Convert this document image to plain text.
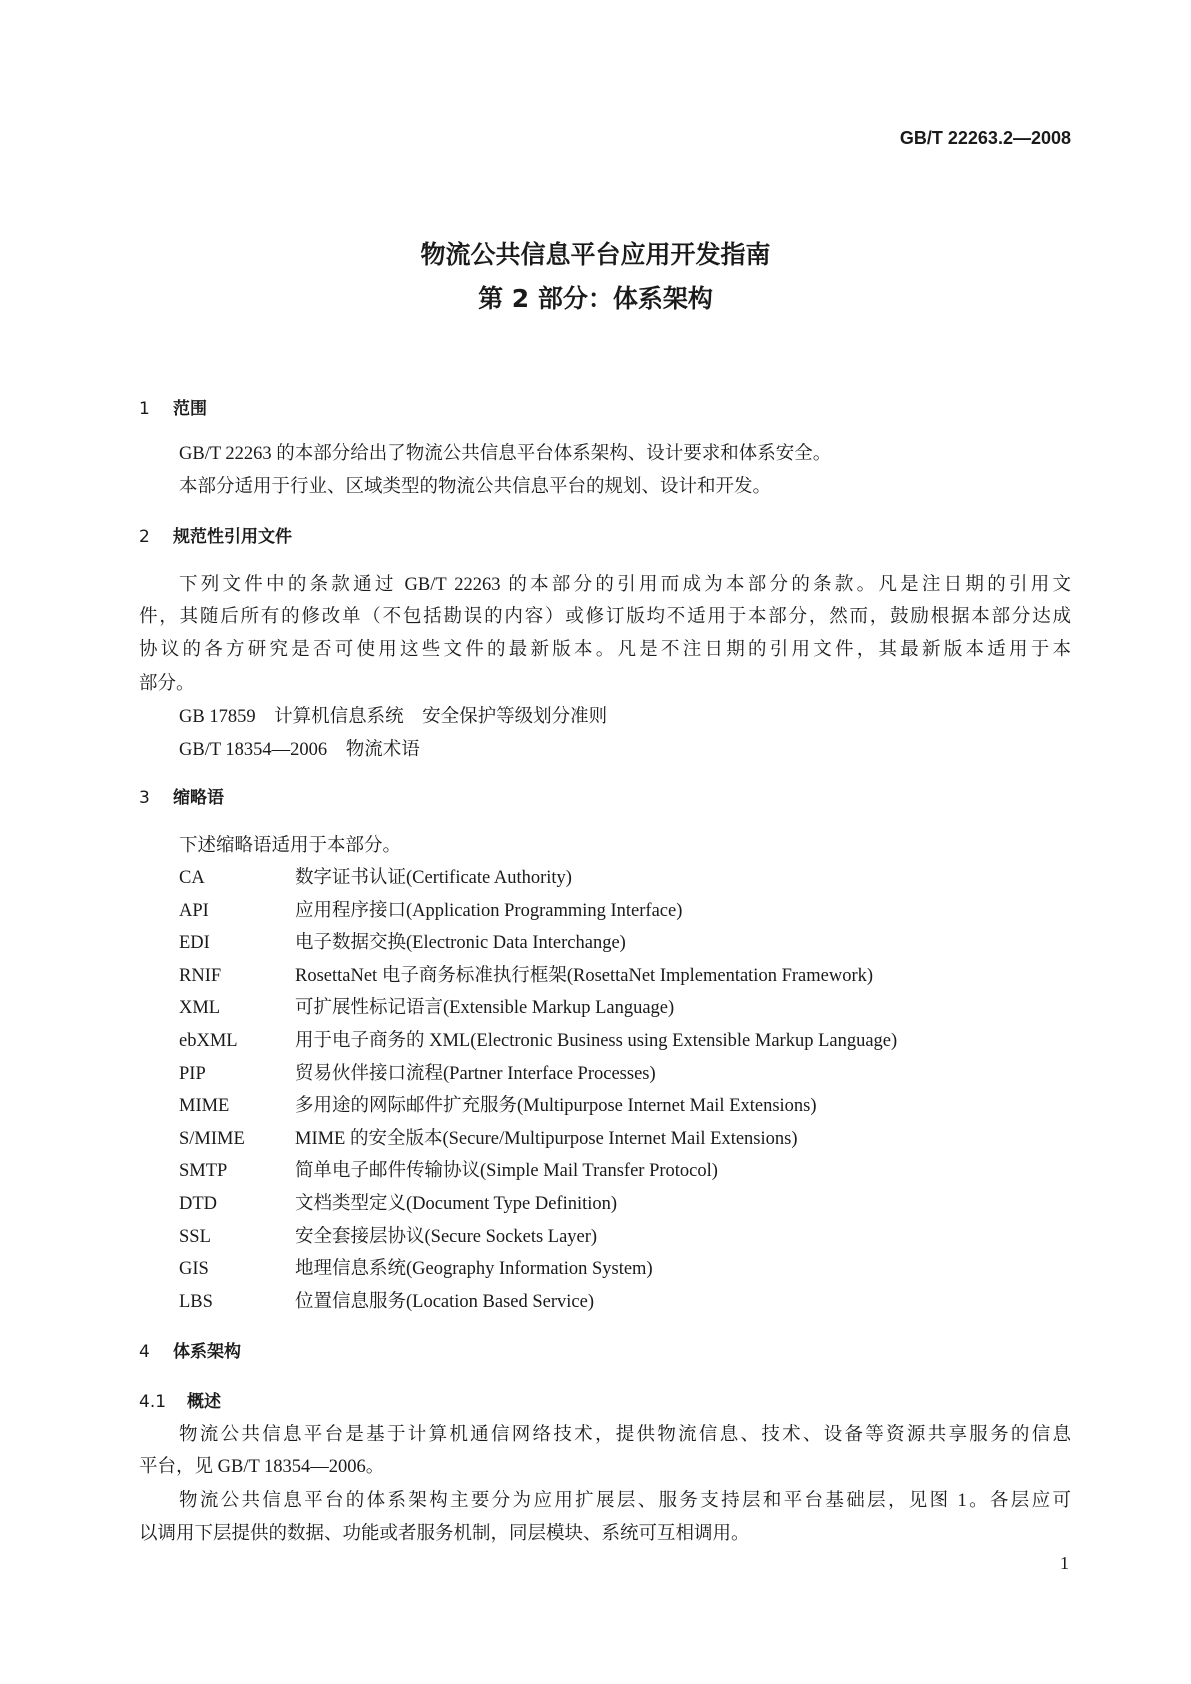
GB/T 22263.2—2008
物流公共信息平台应用开发指南
第 2 部分：体系架构
1 范围
GB/T 22263 的本部分给出了物流公共信息平台体系架构、设计要求和体系安全。
本部分适用于行业、区域类型的物流公共信息平台的规划、设计和开发。
2 规范性引用文件
下列文件中的条款通过 GB/T 22263 的本部分的引用而成为本部分的条款。凡是注日期的引用文
件，其随后所有的修改单（不包括勘误的内容）或修订版均不适用于本部分，然而，鼓励根据本部分达成
协议的各方研究是否可使用这些文件的最新版本。凡是不注日期的引用文件，其最新版本适用于本
部分。
GB 17859 计算机信息系统　安全保护等级划分准则
GB/T 18354—2006 物流术语
3 缩略语
下述缩略语适用于本部分。
CA	数字证书认证(Certificate Authority)
API	应用程序接口(Application Programming Interface)
EDI	电子数据交换(Electronic Data Interchange)
RNIF	RosettaNet 电子商务标准执行框架(RosettaNet Implementation Framework)
XML	可扩展性标记语言(Extensible Markup Language)
ebXML	用于电子商务的 XML(Electronic Business using Extensible Markup Language)
PIP	贸易伙伴接口流程(Partner Interface Processes)
MIME	多用途的网际邮件扩充服务(Multipurpose Internet Mail Extensions)
S/MIME	MIME 的安全版本(Secure/Multipurpose Internet Mail Extensions)
SMTP	简单电子邮件传输协议(Simple Mail Transfer Protocol)
DTD	文档类型定义(Document Type Definition)
SSL	安全套接层协议(Secure Sockets Layer)
GIS	地理信息系统(Geography Information System)
LBS	位置信息服务(Location Based Service)
4 体系架构
4.1 概述
物流公共信息平台是基于计算机通信网络技术，提供物流信息、技术、设备等资源共享服务的信息
平台，见 GB/T 18354—2006。
物流公共信息平台的体系架构主要分为应用扩展层、服务支持层和平台基础层，见图 1。各层应可
以调用下层提供的数据、功能或者服务机制，同层模块、系统可互相调用。
1
